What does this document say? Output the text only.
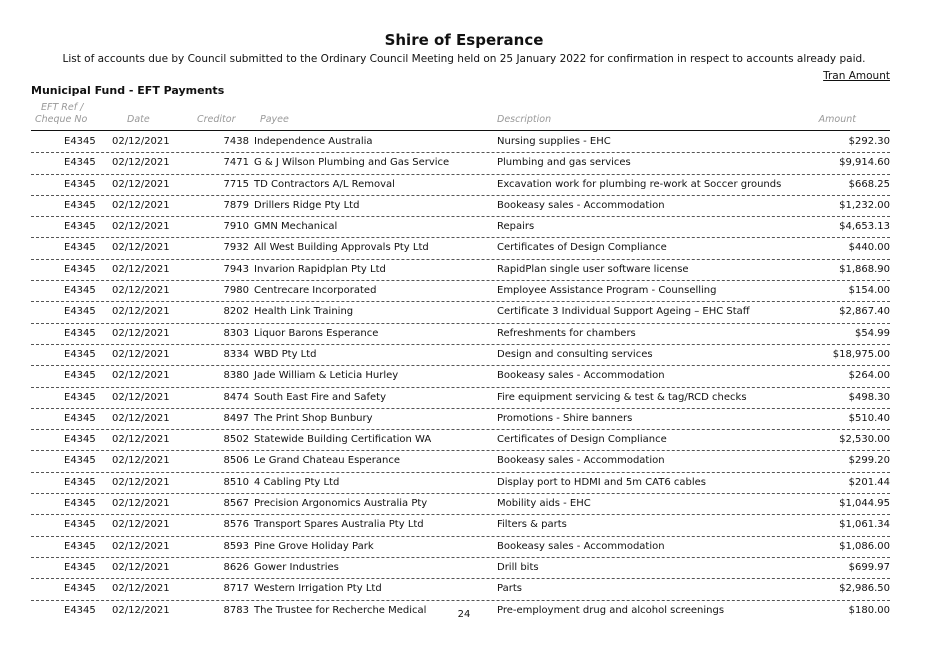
Shire of Esperance
List of accounts due by Council submitted to the Ordinary Council Meeting held on 25 January 2022 for confirmation in respect to accounts already paid.
Tran Amount
Municipal Fund - EFT Payments
EFT Ref /
Cheque No	Date	Creditor	Payee	Description	Amount
E4345 02/12/2021	7438 Independence Australia	Nursing supplies - EHC	$292.30
E4345 02/12/2021	7471 G & J Wilson Plumbing and Gas Service	Plumbing and gas services	$9,914.60
E4345 02/12/2021	7715 TD Contractors A/L Removal	Excavation work for plumbing re-work at Soccer grounds	$668.25
E4345 02/12/2021	7879 Drillers Ridge Pty Ltd	Bookeasy sales - Accommodation	$1,232.00
E4345 02/12/2021	7910 GMN Mechanical	Repairs	$4,653.13
E4345 02/12/2021	7932 All West Building Approvals Pty Ltd	Certificates of Design Compliance	$440.00
E4345 02/12/2021	7943 Invarion Rapidplan Pty Ltd	RapidPlan single user software license	$1,868.90
E4345 02/12/2021	7980 Centrecare Incorporated	Employee Assistance Program - Counselling	$154.00
E4345 02/12/2021	8202 Health Link Training	Certificate 3 Individual Support Ageing – EHC Staff	$2,867.40
E4345 02/12/2021	8303 Liquor Barons Esperance	Refreshments for chambers	$54.99
E4345 02/12/2021	8334 WBD Pty Ltd	Design and consulting services	$18,975.00
E4345 02/12/2021	8380 Jade William & Leticia Hurley	Bookeasy sales - Accommodation	$264.00
E4345 02/12/2021	8474 South East Fire and Safety	Fire equipment servicing & test & tag/RCD checks	$498.30
E4345 02/12/2021	8497 The Print Shop Bunbury	Promotions - Shire banners	$510.40
E4345 02/12/2021	8502 Statewide Building Certification WA	Certificates of Design Compliance	$2,530.00
E4345 02/12/2021	8506 Le Grand Chateau Esperance	Bookeasy sales - Accommodation	$299.20
E4345 02/12/2021	8510 4 Cabling Pty Ltd	Display port to HDMI and 5m CAT6 cables	$201.44
E4345 02/12/2021	8567 Precision Argonomics Australia Pty	Mobility aids - EHC	$1,044.95
E4345 02/12/2021	8576 Transport Spares Australia Pty Ltd	Filters & parts	$1,061.34
E4345 02/12/2021	8593 Pine Grove Holiday Park	Bookeasy sales - Accommodation	$1,086.00
E4345 02/12/2021	8626 Gower Industries	Drill bits	$699.97
E4345 02/12/2021	8717 Western Irrigation Pty Ltd	Parts	$2,986.50
E4345 02/12/2021	8783 The Trustee for Recherche Medical	Pre-employment drug and alcohol screenings	$180.00
24
